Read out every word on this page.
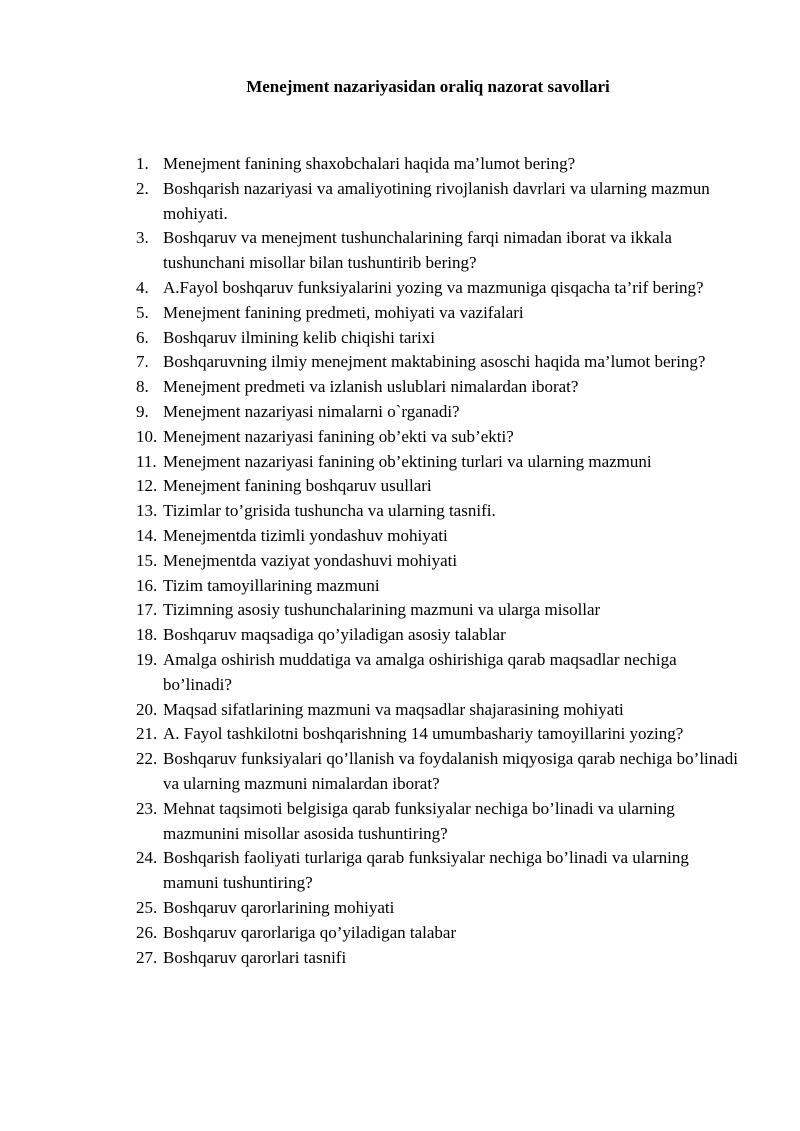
Menejment nazariyasidan oraliq nazorat savollari
1. Menejment fanining shaxobchalari haqida ma’lumot bering?
2. Boshqarish nazariyasi va amaliyotining rivojlanish davrlari va ularning mazmun mohiyati.
3. Boshqaruv va menejment tushunchalarining farqi nimadan iborat va ikkala tushunchani misollar bilan tushuntirib bering?
4. A.Fayol boshqaruv funksiyalarini yozing va mazmuniga qisqacha ta’rif bering?
5. Menejment fanining predmeti, mohiyati va vazifalari
6. Boshqaruv ilmining kelib chiqishi tarixi
7. Boshqaruvning ilmiy menejment maktabining asoschi haqida ma’lumot bering?
8. Menejment predmeti va izlanish uslublari nimalardan iborat?
9. Menejment nazariyasi nimalarni o`rganadi?
10. Menejment nazariyasi fanining ob’ekti va sub’ekti?
11. Menejment nazariyasi fanining ob’ektining turlari va ularning mazmuni
12. Menejment fanining boshqaruv usullari
13. Tizimlar to’grisida tushuncha va ularning tasnifi.
14. Menejmentda tizimli yondashuv mohiyati
15. Menejmentda vaziyat yondashuvi mohiyati
16. Tizim tamoyillarining mazmuni
17. Tizimning asosiy tushunchalarining mazmuni va ularga misollar
18. Boshqaruv maqsadiga qo’yiladigan asosiy talablar
19. Amalga oshirish muddatiga va amalga oshirishiga qarab maqsadlar nechiga bo’linadi?
20. Maqsad sifatlarining mazmuni va maqsadlar shajarasining mohiyati
21. A. Fayol tashkilotni boshqarishning 14 umumbashariy tamoyillarini yozing?
22. Boshqaruv funksiyalari qo’llanish va foydalanish miqyosiga qarab nechiga bo’linadi va ularning mazmuni nimalardan iborat?
23. Mehnat taqsimoti belgisiga qarab funksiyalar nechiga bo’linadi va ularning mazmunini misollar asosida tushuntiring?
24. Boshqarish faoliyati turlariga qarab funksiyalar nechiga bo’linadi va ularning mamuni tushuntiring?
25. Boshqaruv qarorlarining mohiyati
26. Boshqaruv qarorlariga qo’yiladigan talabar
27. Boshqaruv qarorlari tasnifi
